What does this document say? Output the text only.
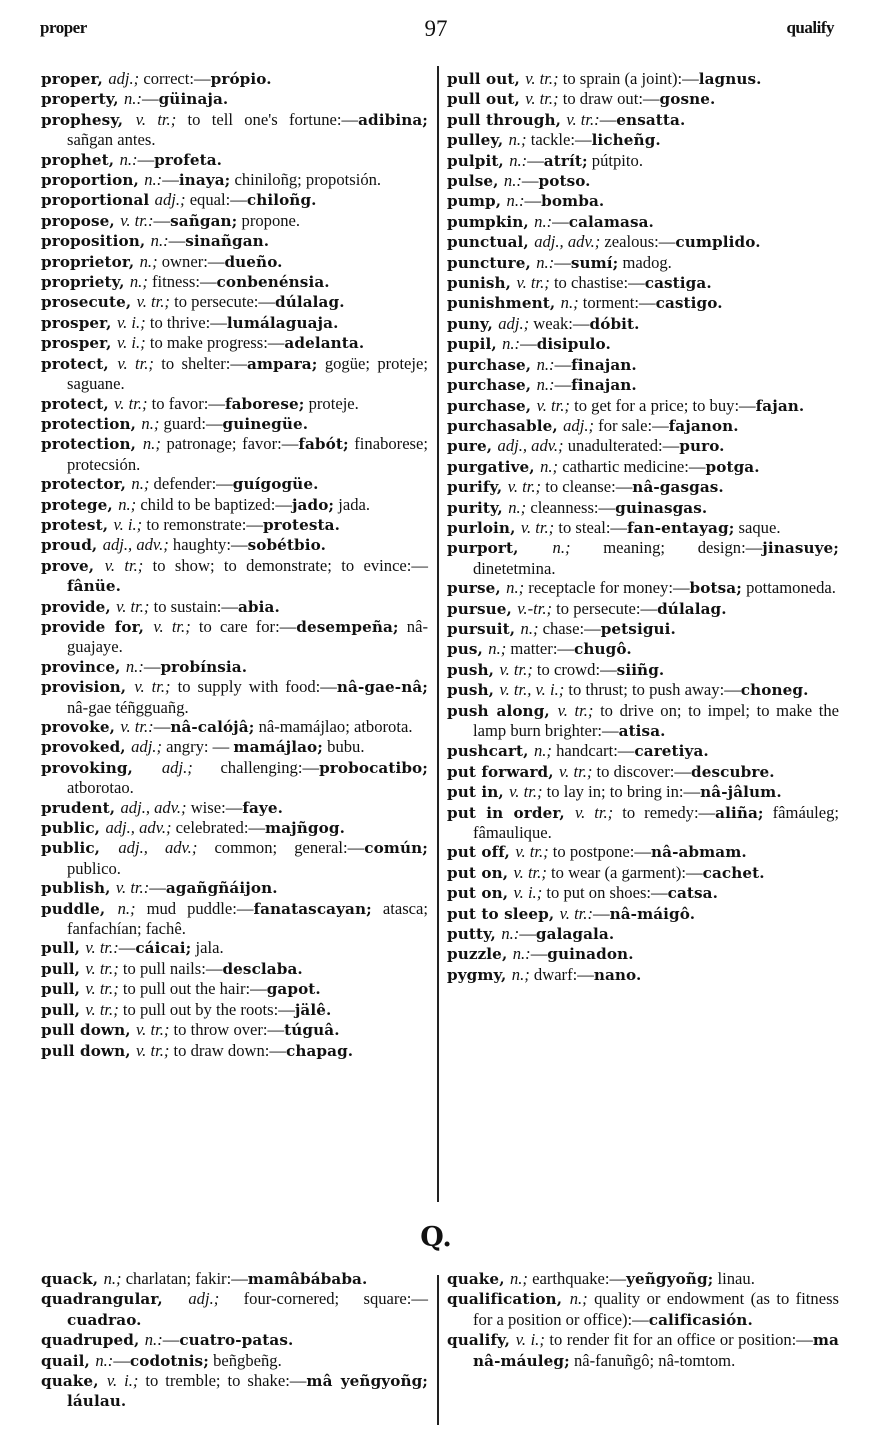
proper	97	qualify

proper, adj.; correct:—própio.

property, n.:—güinaja.

prophesy, v. tr.; to tell one's fortune:—adibina; sañgan antes.

prophet, n.:—profeta.

proportion, n.:—inaya; chiniloñg; propotsión.

proportional adj.; equal:—chiloñg.

propose, v. tr.:—sañgan; propone.

proposition, n.:—sinañgan.

proprietor, n.; owner:—dueño.

propriety, n.; fitness:—conbenénsia.

prosecute, v. tr.; to persecute:—dúlalag.

prosper, v. i.; to thrive:—lumálaguaja.

prosper, v. i.; to make progress:—adelanta.

protect, v. tr.; to shelter:—ampara; gogüe; proteje; saguane.

protect, v. tr.; to favor:—faborese; proteje.

protection, n.; guard:—guinegüe.

protection, n.; patronage; favor:—fabót; finaborese; protecsión.

protector, n.; defender:—guígogüe.

protege, n.; child to be baptized:—jado; jada.

protest, v. i.; to remonstrate:—protesta.

proud, adj., adv.; haughty:—sobétbio.

prove, v. tr.; to show; to demonstrate; to evince:—fânüe.

provide, v. tr.; to sustain:—abia.

provide for, v. tr.; to care for:—desempeña; nâ-guajaye.

province, n.:—probínsia.

provision, v. tr.; to supply with food:—nâ-gae-nâ; nâ-gae téñgguañg.

provoke, v. tr.:—nâ-calójâ; nâ-mamájlao; atborota.

provoked, adj.; angry: — mamájlao; bubu.

provoking, adj.; challenging:—probocatibo; atborotao.

prudent, adj., adv.; wise:—faye.

public, adj., adv.; celebrated:—majñgog.

public, adj., adv.; common; general:—común; publico.

publish, v. tr.:—agañgñáijon.

puddle, n.; mud puddle:—fanatascayan; atasca; fanfachían; fachê.

pull, v. tr.:—cáicai; jala.

pull, v. tr.; to pull nails:—desclaba.

pull, v. tr.; to pull out the hair:—gapot.

pull, v. tr.; to pull out by the roots:—jälê.

pull down, v. tr.; to throw over:—túguâ.

pull down, v. tr.; to draw down:—chapag.

pull out, v. tr.; to sprain (a joint):—lagnus.

pull out, v. tr.; to draw out:—gosne.

pull through, v. tr.:—ensatta.

pulley, n.; tackle:—licheñg.

pulpit, n.:—atrít; pútpito.

pulse, n.:—potso.

pump, n.:—bomba.

pumpkin, n.:—calamasa.

punctual, adj., adv.; zealous:—cumplido.

puncture, n.:—sumí; madog.

punish, v. tr.; to chastise:—castiga.

punishment, n.; torment:—castigo.

puny, adj.; weak:—dóbit.

pupil, n.:—disipulo.

purchase, n.:—finajan.

purchase, n.:—finajan.

purchase, v. tr.; to get for a price; to buy:—fajan.

purchasable, adj.; for sale:—fajanon.

pure, adj., adv.; unadulterated:—puro.

purgative, n.; cathartic medicine:—potga.

purify, v. tr.; to cleanse:—nâ-gasgas.

purity, n.; cleanness:—guinasgas.

purloin, v. tr.; to steal:—fan-entayag; saque.

purport, n.; meaning; design:—jinasuye; dinetetmina.

purse, n.; receptacle for money:—botsa; pottamoneda.

pursue, v.-tr.; to persecute:—dúlalag.

pursuit, n.; chase:—petsigui.

pus, n.; matter:—chugô.

push, v. tr.; to crowd:—siiñg.

push, v. tr., v. i.; to thrust; to push away:—choneg.

push along, v. tr.; to drive on; to impel; to make the lamp burn brighter:—atisa.

pushcart, n.; handcart:—caretiya.

put forward, v. tr.; to discover:—descubre.

put in, v. tr.; to lay in; to bring in:—nâ-jâlum.

put in order, v. tr.; to remedy:—aliña; fâmáuleg; fâmaulique.

put off, v. tr.; to postpone:—nâ-abmam.

put on, v. tr.; to wear (a garment):—cachet.

put on, v. i.; to put on shoes:—catsa.

put to sleep, v. tr.:—nâ-máigô.

putty, n.:—galagala.

puzzle, n.:—guinadon.

pygmy, n.; dwarf:—nano.

Q.

quack, n.; charlatan; fakir:—mamâbábaba.

quadrangular, adj.; four-cornered; square:—cuadrao.

quadruped, n.:—cuatro-patas.

quail, n.:—codotnis; beñgbeñg.

quake, v. i.; to tremble; to shake:—mâ yeñgyoñg; láulau.

quake, n.; earthquake:—yeñgyoñg; linau.

qualification, n.; quality or endowment (as to fitness for a position or office):—calificasión.

qualify, v. i.; to render fit for an office or position:—ma nâ-máuleg; nâ-fanuñgô; nâ-tomtom.
